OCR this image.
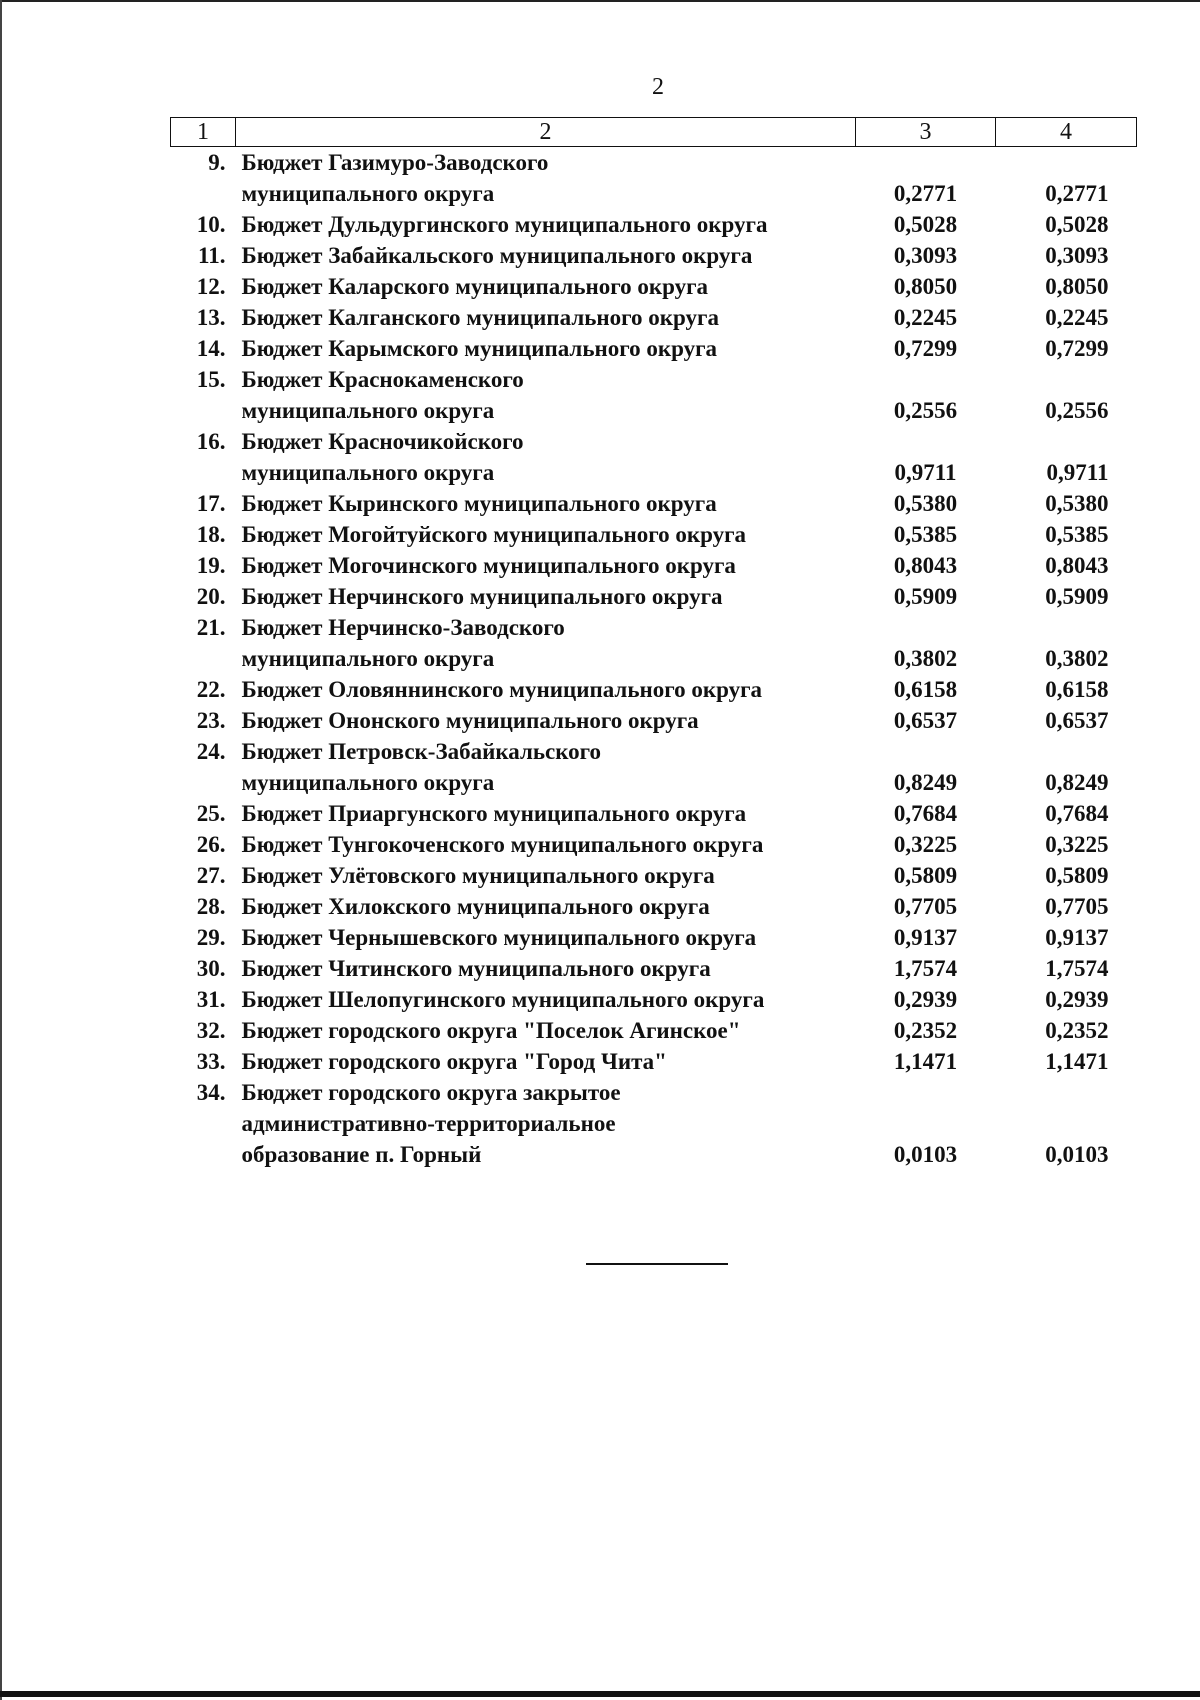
2
1	2	3	4
9.	Бюджет Газимуро-Заводского
муниципального округа	0,2771	0,2771
10.	Бюджет Дульдургинского муниципального округа	0,5028	0,5028
11.	Бюджет Забайкальского муниципального округа	0,3093	0,3093
12.	Бюджет Каларского муниципального округа	0,8050	0,8050
13.	Бюджет Калганского муниципального округа	0,2245	0,2245
14.	Бюджет Карымского муниципального округа	0,7299	0,7299
15.	Бюджет Краснокаменского
муниципального округа	0,2556	0,2556
16.	Бюджет Красночикойского
муниципального округа	0,9711	0,9711
17.	Бюджет Кыринского муниципального округа	0,5380	0,5380
18.	Бюджет Могойтуйского муниципального округа	0,5385	0,5385
19.	Бюджет Могочинского муниципального округа	0,8043	0,8043
20.	Бюджет Нерчинского муниципального округа	0,5909	0,5909
21.	Бюджет Нерчинско-Заводского
муниципального округа	0,3802	0,3802
22.	Бюджет Оловяннинского муниципального округа	0,6158	0,6158
23.	Бюджет Ононского муниципального округа	0,6537	0,6537
24.	Бюджет Петровск-Забайкальского
муниципального округа	0,8249	0,8249
25.	Бюджет Приаргунского муниципального округа	0,7684	0,7684
26.	Бюджет Тунгокоченского муниципального округа	0,3225	0,3225
27.	Бюджет Улётовского муниципального округа	0,5809	0,5809
28.	Бюджет Хилокского муниципального округа	0,7705	0,7705
29.	Бюджет Чернышевского муниципального округа	0,9137	0,9137
30.	Бюджет Читинского муниципального округа	1,7574	1,7574
31.	Бюджет Шелопугинского муниципального округа	0,2939	0,2939
32.	Бюджет городского округа "Поселок Агинское"	0,2352	0,2352
33.	Бюджет городского округа "Город Чита"	1,1471	1,1471
34.	Бюджет городского округа закрытое
административно-территориальное
образование п. Горный	0,0103	0,0103
